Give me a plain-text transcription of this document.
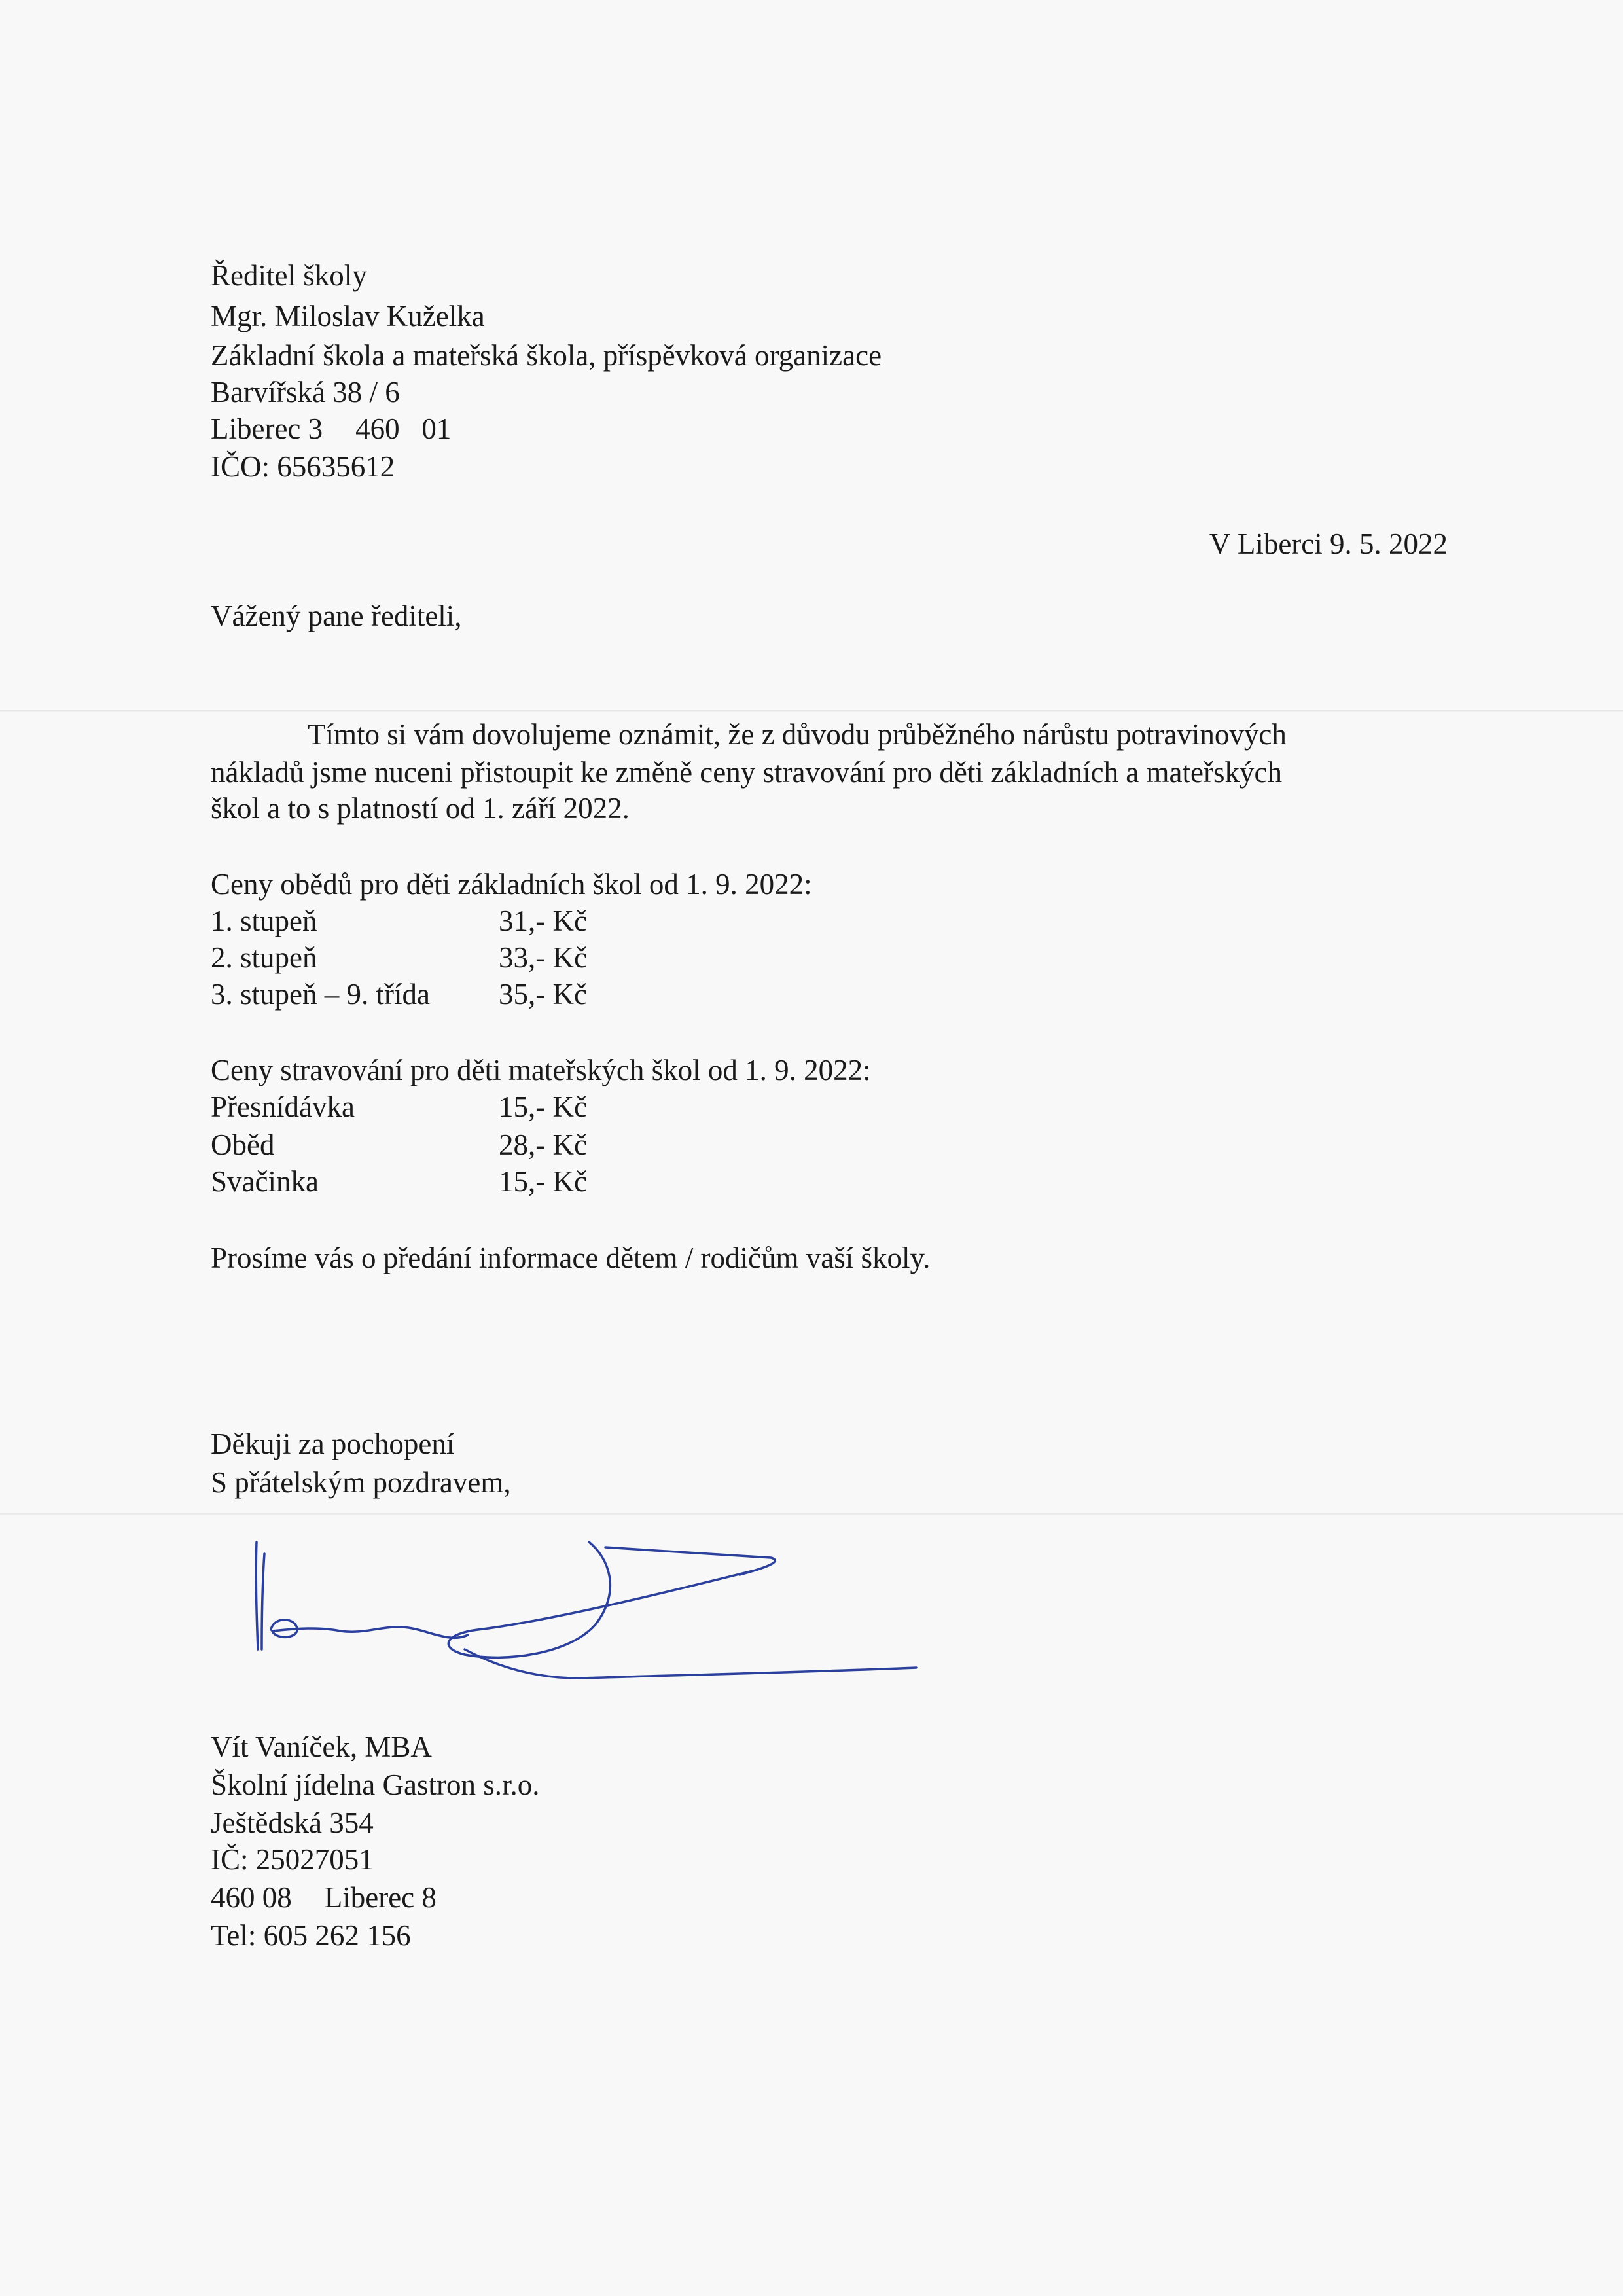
Ředitel školy
Mgr. Miloslav Kuželka
Základní škola a mateřská škola, příspěvková organizace
Barvířská 38 / 6
Liberec 3 460   01
IČO: 65635612
V Liberci 9. 5. 2022
Vážený pane řediteli,
Tímto si vám dovolujeme oznámit, že z důvodu průběžného nárůstu potravinových
nákladů jsme nuceni přistoupit ke změně ceny stravování pro děti základních a mateřských
škol a to s platností od 1. září 2022.
Ceny obědů pro děti základních škol od 1. 9. 2022:
1. stupeň	31,- Kč
2. stupeň	33,- Kč
3. stupeň – 9. třída 35,- Kč
Ceny stravování pro děti mateřských škol od 1. 9. 2022:
Přesnídávka	15,- Kč
Oběd	28,- Kč
Svačinka	15,- Kč
Prosíme vás o předání informace dětem / rodičům vaší školy.
Děkuji za pochopení
S přátelským pozdravem,
Vít Vaníček, MBA
Školní jídelna Gastron s.r.o.
Ještědská 354
IČ: 25027051
460 08 Liberec 8
Tel: 605 262 156
